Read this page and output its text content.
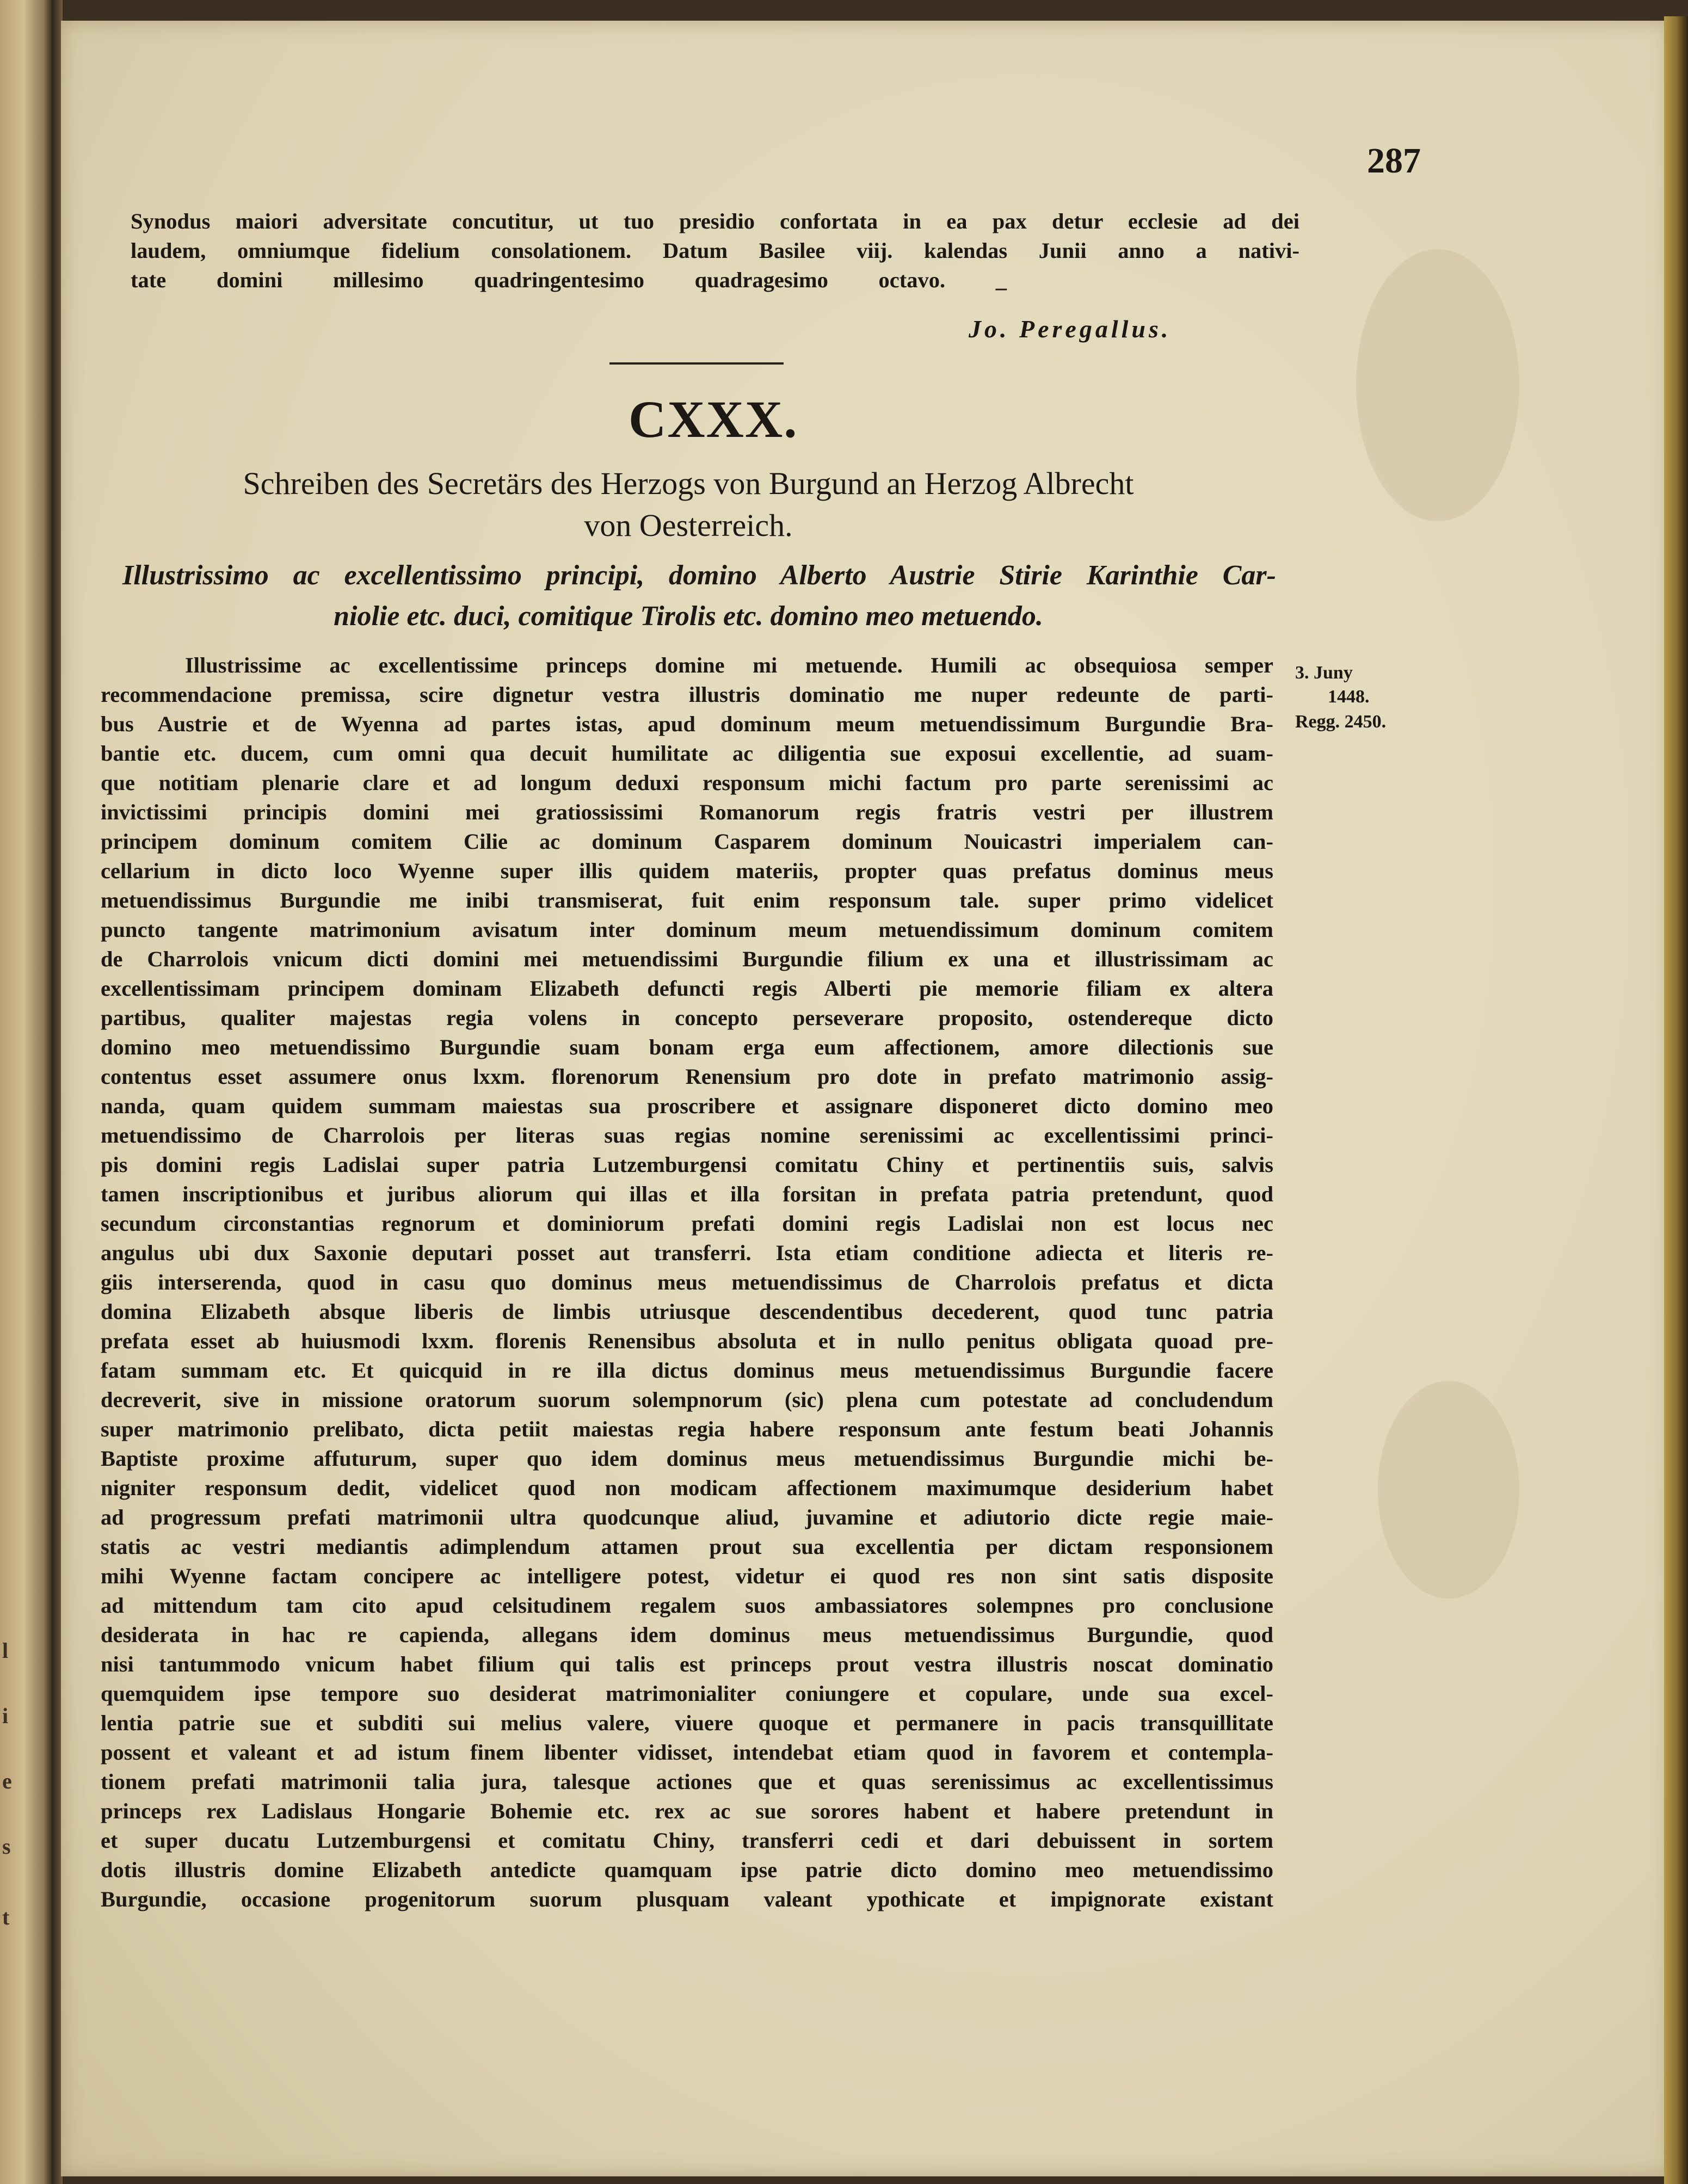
l
i
e
s
t
287
Synodus maiori adversitate concutitur, ut tuo presidio confortata in ea pax detur ecclesie ad dei
laudem, omniumque fidelium consolationem. Datum Basilee viij. kalendas Junii anno a nativi-
tate domini millesimo quadringentesimo quadragesimo octavo. _
Jo. Peregallus.
CXXX.
Schreiben des Secretärs des Herzogs von Burgund an Herzog Albrecht
von Oesterreich.
Illustrissimo ac excellentissimo principi, domino Alberto Austrie Stirie Karinthie Car-
niolie etc. duci, comitique Tirolis etc. domino meo metuendo.
3. Juny
1448.
Regg. 2450.
Illustrissime ac excellentissime princeps domine mi metuende. Humili ac obsequiosa semper
recommendacione premissa, scire dignetur vestra illustris dominatio me nuper redeunte de parti-
bus Austrie et de Wyenna ad partes istas, apud dominum meum metuendissimum Burgundie Bra-
bantie etc. ducem, cum omni qua decuit humilitate ac diligentia sue exposui excellentie, ad suam-
que notitiam plenarie clare et ad longum deduxi responsum michi factum pro parte serenissimi ac
invictissimi principis domini mei gratiossissimi Romanorum regis fratris vestri per illustrem
principem dominum comitem Cilie ac dominum Casparem dominum Nouicastri imperialem can-
cellarium in dicto loco Wyenne super illis quidem materiis, propter quas prefatus dominus meus
metuendissimus Burgundie me inibi transmiserat, fuit enim responsum tale. super primo videlicet
puncto tangente matrimonium avisatum inter dominum meum metuendissimum dominum comitem
de Charrolois vnicum dicti domini mei metuendissimi Burgundie filium ex una et illustrissimam ac
excellentissimam principem dominam Elizabeth defuncti regis Alberti pie memorie filiam ex altera
partibus, qualiter majestas regia volens in concepto perseverare proposito, ostendereque dicto
domino meo metuendissimo Burgundie suam bonam erga eum affectionem, amore dilectionis sue
contentus esset assumere onus lxxm. florenorum Renensium pro dote in prefato matrimonio assig-
nanda, quam quidem summam maiestas sua proscribere et assignare disponeret dicto domino meo
metuendissimo de Charrolois per literas suas regias nomine serenissimi ac excellentissimi princi-
pis domini regis Ladislai super patria Lutzemburgensi comitatu Chiny et pertinentiis suis, salvis
tamen inscriptionibus et juribus aliorum qui illas et illa forsitan in prefata patria pretendunt, quod
secundum circonstantias regnorum et dominiorum prefati domini regis Ladislai non est locus nec
angulus ubi dux Saxonie deputari posset aut transferri. Ista etiam conditione adiecta et literis re-
giis interserenda, quod in casu quo dominus meus metuendissimus de Charrolois prefatus et dicta
domina Elizabeth absque liberis de limbis utriusque descendentibus decederent, quod tunc patria
prefata esset ab huiusmodi lxxm. florenis Renensibus absoluta et in nullo penitus obligata quoad pre-
fatam summam etc. Et quicquid in re illa dictus dominus meus metuendissimus Burgundie facere
decreverit, sive in missione oratorum suorum solempnorum (sic) plena cum potestate ad concludendum
super matrimonio prelibato, dicta petiit maiestas regia habere responsum ante festum beati Johannis
Baptiste proxime affuturum, super quo idem dominus meus metuendissimus Burgundie michi be-
nigniter responsum dedit, videlicet quod non modicam affectionem maximumque desiderium habet
ad progressum prefati matrimonii ultra quodcunque aliud, juvamine et adiutorio dicte regie maie-
statis ac vestri mediantis adimplendum attamen prout sua excellentia per dictam responsionem
mihi Wyenne factam concipere ac intelligere potest, videtur ei quod res non sint satis disposite
ad mittendum tam cito apud celsitudinem regalem suos ambassiatores solempnes pro conclusione
desiderata in hac re capienda, allegans idem dominus meus metuendissimus Burgundie, quod
nisi tantummodo vnicum habet filium qui talis est princeps prout vestra illustris noscat dominatio
quemquidem ipse tempore suo desiderat matrimonialiter coniungere et copulare, unde sua excel-
lentia patrie sue et subditi sui melius valere, viuere quoque et permanere in pacis transquillitate
possent et valeant et ad istum finem libenter vidisset, intendebat etiam quod in favorem et contempla-
tionem prefati matrimonii talia jura, talesque actiones que et quas serenissimus ac excellentissimus
princeps rex Ladislaus Hongarie Bohemie etc. rex ac sue sorores habent et habere pretendunt in
et super ducatu Lutzemburgensi et comitatu Chiny, transferri cedi et dari debuissent in sortem
dotis illustris domine Elizabeth antedicte quamquam ipse patrie dicto domino meo metuendissimo
Burgundie, occasione progenitorum suorum plusquam valeant ypothicate et impignorate existant
